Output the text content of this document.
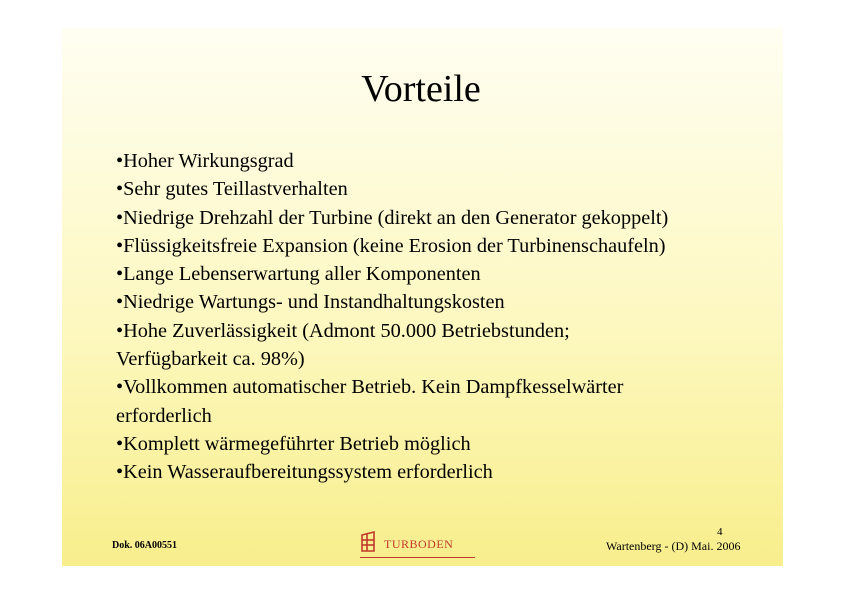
Vorteile
•Hoher Wirkungsgrad
•Sehr gutes Teillastverhalten
•Niedrige Drehzahl der Turbine (direkt an den Generator gekoppelt)
•Flüssigkeitsfreie Expansion (keine Erosion der Turbinenschaufeln)
•Lange Lebenserwartung aller Komponenten
•Niedrige Wartungs- und Instandhaltungskosten
•Hohe Zuverlässigkeit (Admont 50.000 Betriebstunden;
Verfügbarkeit ca. 98%)
•Vollkommen automatischer Betrieb. Kein Dampfkesselwärter
erforderlich
•Komplett wärmegeführter Betrieb möglich
•Kein Wasseraufbereitungssystem erforderlich
Dok. 06A00551	TURBODEN
4
Wartenberg - (D) Mai. 2006
